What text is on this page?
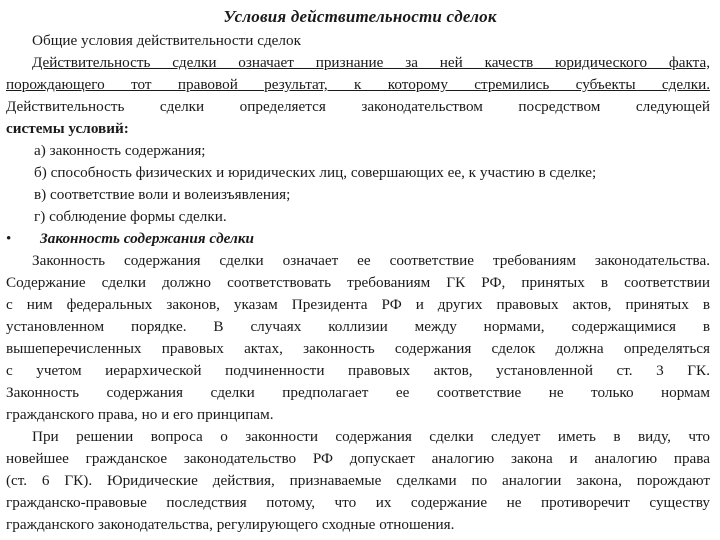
Условия действительности сделок
Общие условия действительности сделок
Действительность сделки означает признание за ней качеств юридического факта,
порождающего тот правовой результат, к которому стремились субъекты сделки.
Действительность сделки определяется законодательством посредством следующей
системы условий:
а) законность содержания;
б) способность физических и юридических лиц, совершающих ее, к участию в сделке;
в) соответствие воли и волеизъявления;
г) соблюдение формы сделки.
•	Законность содержания сделки
Законность содержания сделки означает ее соответствие требованиям законодательства.
Содержание сделки должно соответствовать требованиям ГК РФ, принятых в соответствии
с ним федеральных законов, указам Президента РФ и других правовых актов, принятых в
установленном порядке. В случаях коллизии между нормами, содержащимися в
вышеперечисленных правовых актах, законность содержания сделок должна определяться
с учетом иерархической подчиненности правовых актов, установленной ст. 3 ГК.
Законность содержания сделки предполагает ее соответствие не только нормам
гражданского права, но и его принципам.
При решении вопроса о законности содержания сделки следует иметь в виду, что
новейшее гражданское законодательство РФ допускает аналогию закона и аналогию права
(ст. 6 ГК). Юридические действия, признаваемые сделками по аналогии закона, порождают
гражданско-правовые последствия потому, что их содержание не противоречит существу
гражданского законодательства, регулирующего сходные отношения.
